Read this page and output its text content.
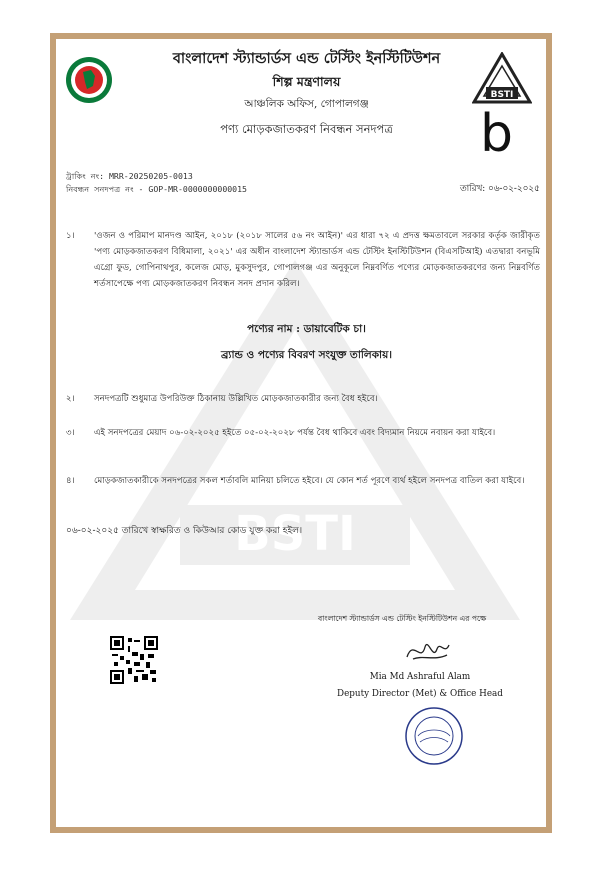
BSTI
BSTI
বাংলাদেশ স্ট্যান্ডার্ডস এন্ড টেস্টিং ইনস্টিটিউশন
শিল্প মন্ত্রণালয়
আঞ্চলিক অফিস, গোপালগঞ্জ
পণ্য মোড়কজাতকরণ নিবন্ধন সনদপত্র	b
ট্রাকিং নং: MRR-20250205-0013
নিবন্ধন সনদপত্র নং - GOP-MR-0000000000015	তারিখ: ০৬-০২-২০২৫
১। 'ওজন ও পরিমাপ মানদণ্ড আইন, ২০১৮ (২০১৮ সালের ৫৬ নং আইন)' এর ধারা ৭২ এ প্রদত্ত ক্ষমতাবলে সরকার কর্তৃক জারীকৃত 'পণ্য মোড়কজাতকরণ বিধিমালা, ২০২১' এর অধীন বাংলাদেশ স্ট্যান্ডার্ডস এন্ড টেস্টিং ইনস্টিটিউশন (বিএসটিআই) এতদ্বারা বনভূমি এগ্রো ফুড, গোপিনাথপুর, কলেজ মোড়, মুকসুদপুর, গোপালগঞ্জ এর অনুকূলে নিম্নবর্ণিত পণ্যের মোড়কজাতকরণের জন্য নিম্নবর্ণিত শর্তসাপেক্ষে পণ্য মোড়কজাতকরণ নিবন্ধন সনদ প্রদান করিল।
পণ্যের নাম : ডায়াবেটিক চা।
ব্র্যান্ড ও পণ্যের বিবরণ সংযুক্ত তালিকায়।
২। সনদপত্রটি শুধুমাত্র উপরিউক্ত ঠিকানায় উল্লিখিত মোড়কজাতকারীর জন্য বৈধ হইবে।
৩। এই সনদপত্রের মেয়াদ ০৬-০২-২০২৫ হইতে ০৫-০২-২০২৮ পর্যন্ত বৈধ থাকিবে এবং বিদ্যমান নিয়মে নবায়ন করা যাইবে।
৪। মোড়কজাতকারীকে সনদপত্রের সকল শর্তাবলি মানিয়া চলিতে হইবে। যে কোন শর্ত পূরণে ব্যর্থ হইলে সনদপত্র বাতিল করা যাইবে।
০৬-০২-২০২৫ তারিখে স্বাক্ষরিত ও কিউআর কোড যুক্ত করা হইল।
বাংলাদেশ স্ট্যান্ডার্ডস এন্ড টেস্টিং ইনস্টিটিউশন এর পক্ষে
Mia Md Ashraful Alam
Deputy Director (Met) & Office Head
